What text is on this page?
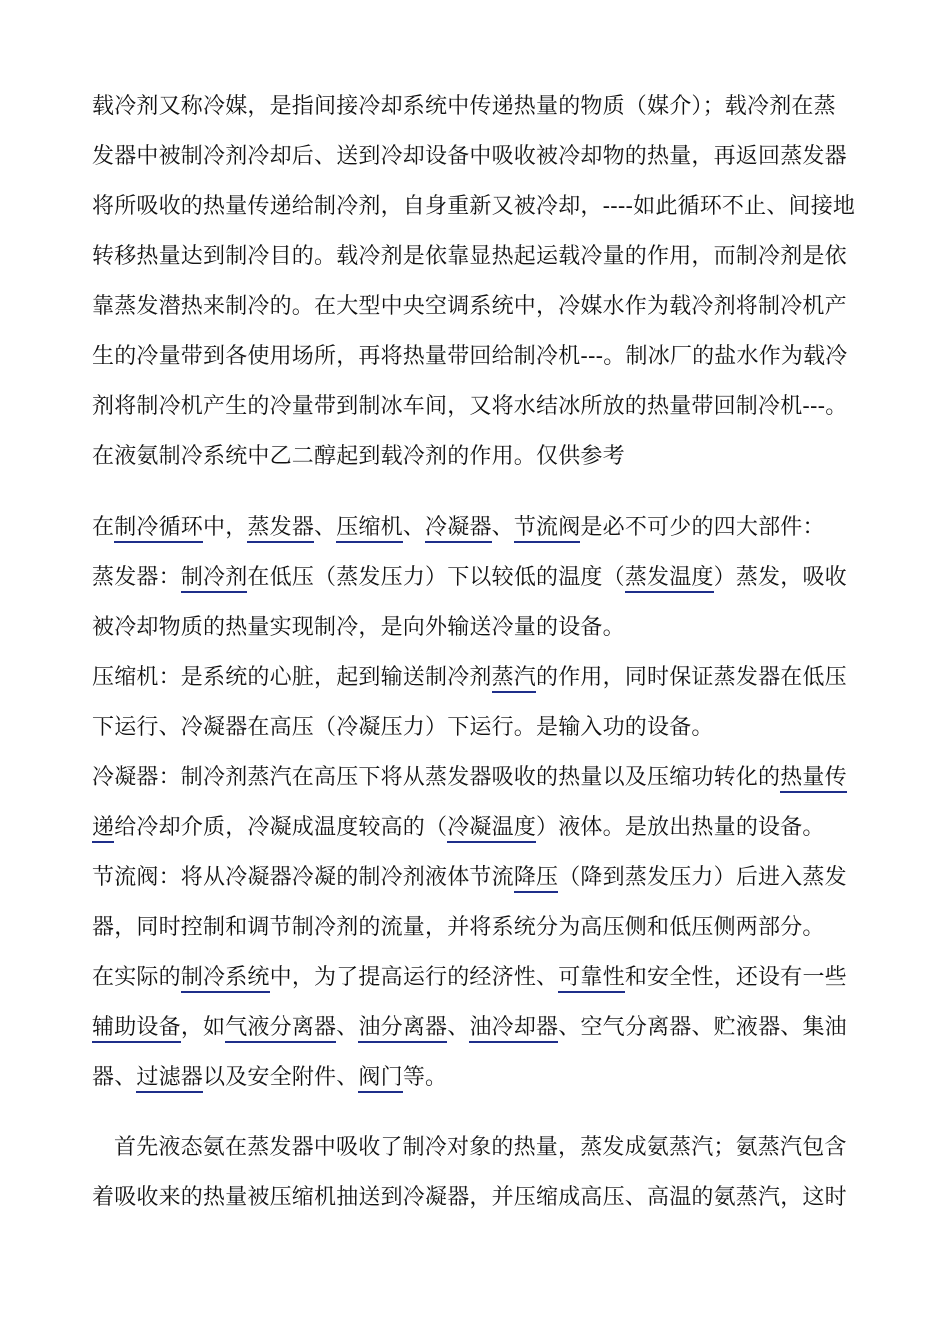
载冷剂又称冷媒，是指间接冷却系统中传递热量的物质（媒介）；载冷剂在蒸
发器中被制冷剂冷却后、送到冷却设备中吸收被冷却物的热量，再返回蒸发器
将所吸收的热量传递给制冷剂，自身重新又被冷却，----如此循环不止、间接地
转移热量达到制冷目的。载冷剂是依靠显热起运载冷量的作用，而制冷剂是依
靠蒸发潜热来制冷的。在大型中央空调系统中，冷媒水作为载冷剂将制冷机产
生的冷量带到各使用场所，再将热量带回给制冷机---。制冰厂的盐水作为载冷
剂将制冷机产生的冷量带到制冰车间，又将水结冰所放的热量带回制冷机---。
在液氨制冷系统中乙二醇起到载冷剂的作用。仅供参考
在制冷循环中，蒸发器、压缩机、冷凝器、节流阀是必不可少的四大部件：
蒸发器：制冷剂在低压（蒸发压力）下以较低的温度（蒸发温度）蒸发，吸收
被冷却物质的热量实现制冷，是向外输送冷量的设备。
压缩机：是系统的心脏，起到输送制冷剂蒸汽的作用，同时保证蒸发器在低压
下运行、冷凝器在高压（冷凝压力）下运行。是输入功的设备。
冷凝器：制冷剂蒸汽在高压下将从蒸发器吸收的热量以及压缩功转化的热量传
递给冷却介质，冷凝成温度较高的（冷凝温度）液体。是放出热量的设备。
节流阀：将从冷凝器冷凝的制冷剂液体节流降压（降到蒸发压力）后进入蒸发
器，同时控制和调节制冷剂的流量，并将系统分为高压侧和低压侧两部分。
在实际的制冷系统中，为了提高运行的经济性、可靠性和安全性，还设有一些
辅助设备，如气液分离器、油分离器、油冷却器、空气分离器、贮液器、集油
器、过滤器以及安全附件、阀门等。
首先液态氨在蒸发器中吸收了制冷对象的热量，蒸发成氨蒸汽；氨蒸汽包含
着吸收来的热量被压缩机抽送到冷凝器，并压缩成高压、高温的氨蒸汽，这时
